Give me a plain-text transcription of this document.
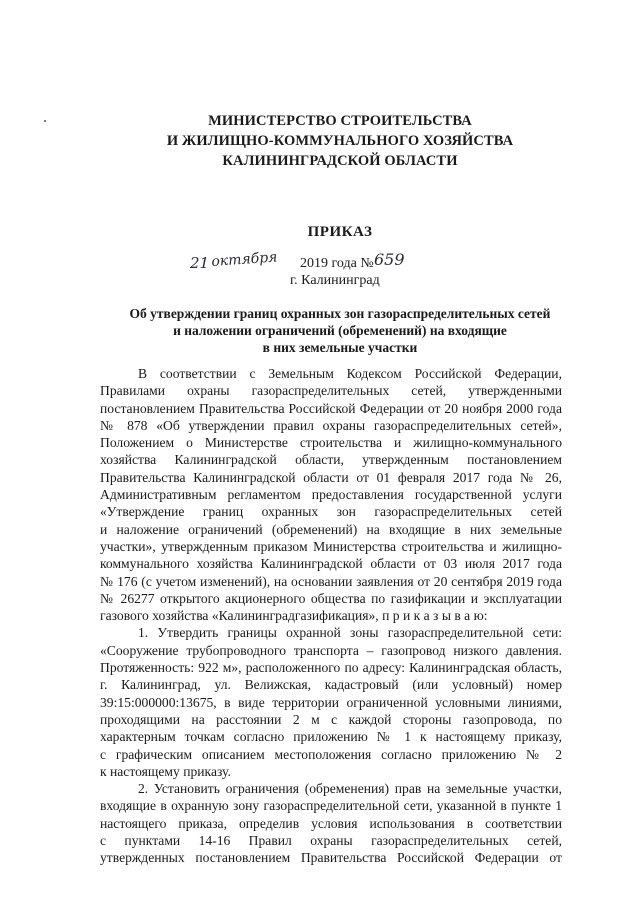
МИНИСТЕРСТВО СТРОИТЕЛЬСТВА
И ЖИЛИЩНО-КОММУНАЛЬНОГО ХОЗЯЙСТВА
КАЛИНИНГРАДСКОЙ ОБЛАСТИ
ПРИКАЗ
21 октября 2019 года № 659
г. Калининград
Об утверждении границ охранных зон газораспределительных сетей
и наложении ограничений (обременений) на входящие
в них земельные участки
В соответствии с Земельным Кодексом Российской Федерации,
Правилами охраны газораспределительных сетей, утвержденными
постановлением Правительства Российской Федерации от 20 ноября 2000 года
№ 878 «Об утверждении правил охраны газораспределительных сетей»,
Положением о Министерстве строительства и жилищно-коммунального
хозяйства Калининградской области, утвержденным постановлением
Правительства Калининградской области от 01 февраля 2017 года № 26,
Административным регламентом предоставления государственной услуги
«Утверждение границ охранных зон газораспределительных сетей
и наложение ограничений (обременений) на входящие в них земельные
участки», утвержденным приказом Министерства строительства и жилищно-
коммунального хозяйства Калининградской области от 03 июля 2017 года
№ 176 (с учетом изменений), на основании заявления от 20 сентября 2019 года
№ 26277 открытого акционерного общества по газификации и эксплуатации
газового хозяйства «Калининградгазификация», п р и к а з ы в а ю:
1. Утвердить границы охранной зоны газораспределительной сети:
«Сооружение трубопроводного транспорта – газопровод низкого давления.
Протяженность: 922 м», расположенного по адресу: Калининградская область,
г. Калининград, ул. Велижская, кадастровый (или условный) номер
39:15:000000:13675, в виде территории ограниченной условными линиями,
проходящими на расстоянии 2 м с каждой стороны газопровода, по
характерным точкам согласно приложению № 1 к настоящему приказу,
с графическим описанием местоположения согласно приложению № 2
к настоящему приказу.
2. Установить ограничения (обременения) прав на земельные участки,
входящие в охранную зону газораспределительной сети, указанной в пункте 1
настоящего приказа, определив условия использования в соответствии
с пунктами 14-16 Правил охраны газораспределительных сетей,
утвержденных постановлением Правительства Российской Федерации от
